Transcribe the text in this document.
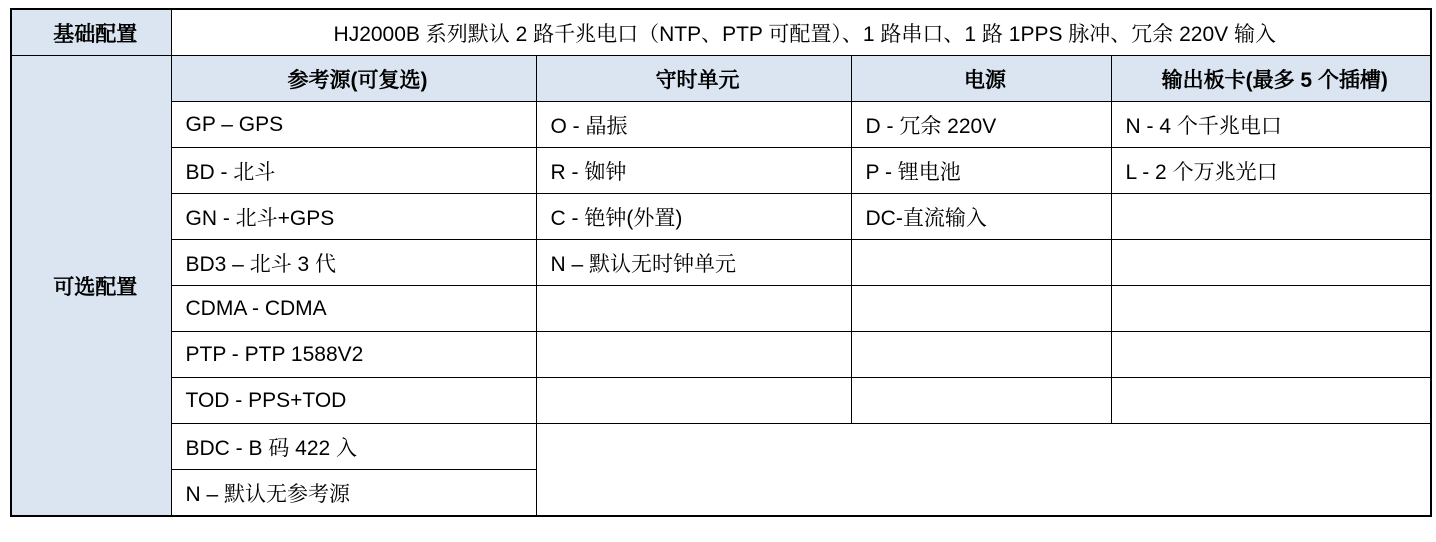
基础配置	HJ2000B 系列默认 2 路千兆电口（NTP、PTP 可配置）、1 路串口、1 路 1PPS 脉冲、冗余 220V 输入			
可选配置	参考源(可复选)	守时单元	电源	输出板卡(最多 5 个插槽)
	GP – GPS	O - 晶振	D - 冗余 220V	N - 4 个千兆电口
	BD - 北斗	R - 铷钟	P - 锂电池	L - 2 个万兆光口
	GN - 北斗+GPS	C - 铯钟(外置)	DC-直流输入	
	BD3 – 北斗 3 代	N – 默认无时钟单元		
	CDMA - CDMA			
	PTP - PTP 1588V2			
	TOD - PPS+TOD			
	BDC - B 码 422 入			
	N – 默认无参考源			
